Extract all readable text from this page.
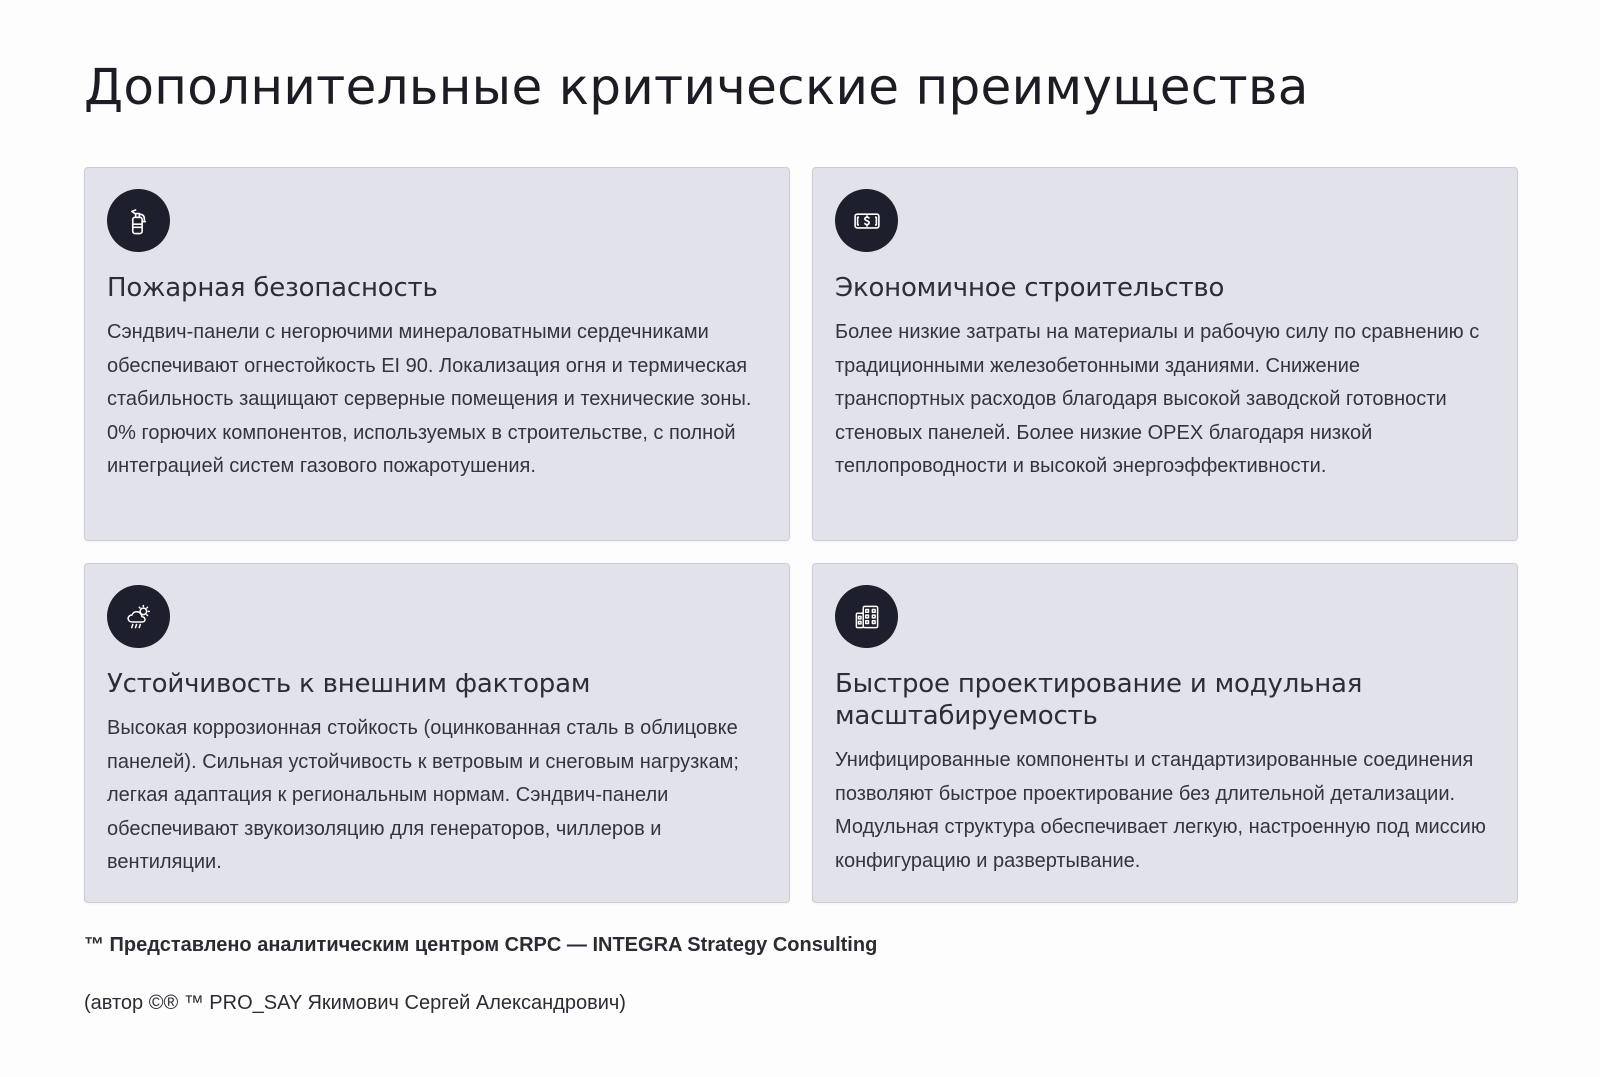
Дополнительные критические преимущества
Пожарная безопасность

Сэндвич-панели с негорючими минераловатными сердечниками обеспечивают огнестойкость EI 90. Локализация огня и термическая стабильность защищают серверные помещения и технические зоны. 0% горючих компонентов, используемых в строительстве, с полной интеграцией систем газового пожаротушения.

Экономичное строительство

Более низкие затраты на материалы и рабочую силу по сравнению с традиционными железобетонными зданиями. Снижение транспортных расходов благодаря высокой заводской готовности стеновых панелей. Более низкие OPEX благодаря низкой теплопроводности и высокой энергоэффективности.

Устойчивость к внешним факторам

Высокая коррозионная стойкость (оцинкованная сталь в облицовке панелей). Сильная устойчивость к ветровым и снеговым нагрузкам; легкая адаптация к региональным нормам. Сэндвич-панели обеспечивают звукоизоляцию для генераторов, чиллеров и вентиляции.

Быстрое проектирование и модульная масштабируемость

Унифицированные компоненты и стандартизированные соединения позволяют быстрое проектирование без длительной детализации. Модульная структура обеспечивает легкую, настроенную под миссию конфигурацию и развертывание.

™ Представлено аналитическим центром CRPC — INTEGRA Strategy Consulting

(автор ©® ™ PRO_SAY Якимович Сергей Александрович)
